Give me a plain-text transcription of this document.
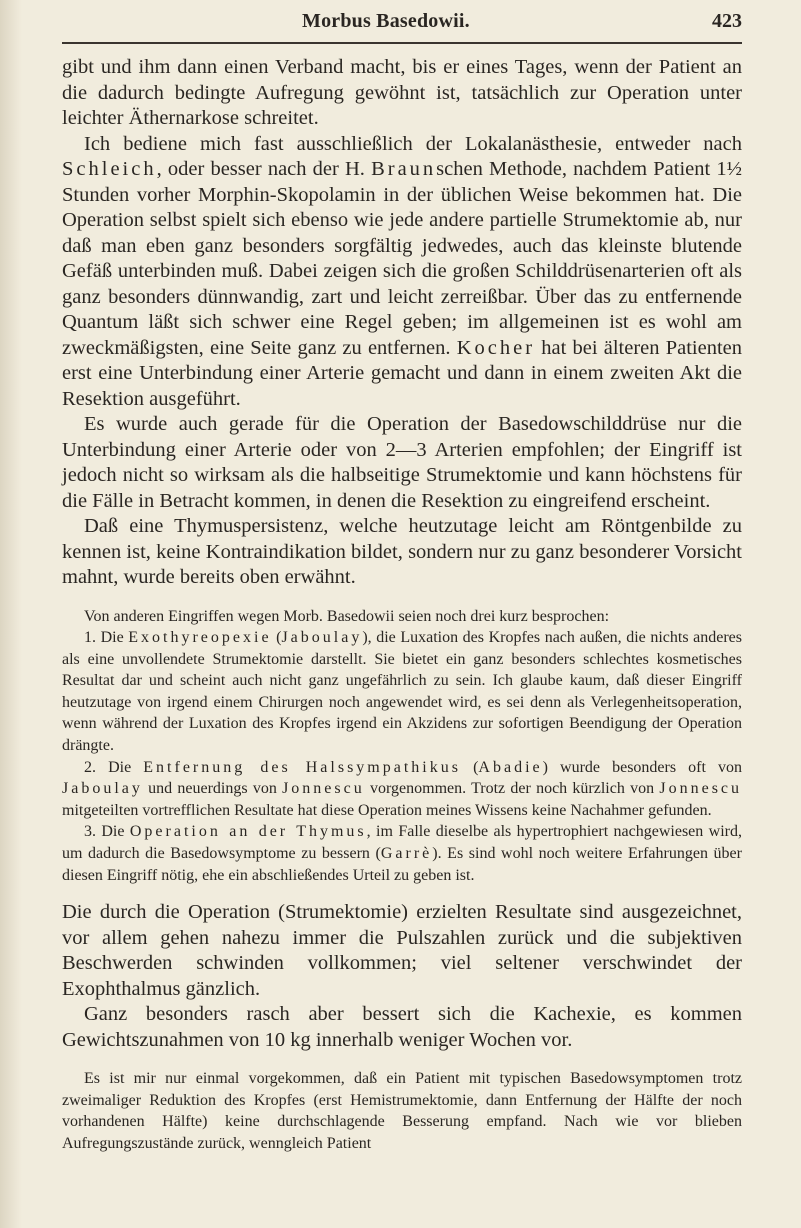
Morbus Basedowii.	423

gibt und ihm dann einen Verband macht, bis er eines Tages, wenn der Patient an die dadurch bedingte Aufregung gewöhnt ist, tatsächlich zur Operation unter leichter Äthernarkose schreitet.

Ich bediene mich fast ausschließlich der Lokalanästhesie, entweder nach Schleich, oder besser nach der H. Braunschen Methode, nachdem Patient 1½ Stunden vorher Morphin-Skopolamin in der üblichen Weise bekommen hat. Die Operation selbst spielt sich ebenso wie jede andere partielle Strumektomie ab, nur daß man eben ganz besonders sorgfältig jedwedes, auch das kleinste blutende Gefäß unterbinden muß. Dabei zeigen sich die großen Schilddrüsenarterien oft als ganz besonders dünnwandig, zart und leicht zerreißbar. Über das zu entfernende Quantum läßt sich schwer eine Regel geben; im allgemeinen ist es wohl am zweckmäßigsten, eine Seite ganz zu entfernen. Kocher hat bei älteren Patienten erst eine Unterbindung einer Arterie gemacht und dann in einem zweiten Akt die Resektion ausgeführt.

Es wurde auch gerade für die Operation der Basedowschilddrüse nur die Unterbindung einer Arterie oder von 2—3 Arterien empfohlen; der Eingriff ist jedoch nicht so wirksam als die halbseitige Strumektomie und kann höchstens für die Fälle in Betracht kommen, in denen die Resektion zu eingreifend erscheint.

Daß eine Thymuspersistenz, welche heutzutage leicht am Röntgenbilde zu kennen ist, keine Kontraindikation bildet, sondern nur zu ganz besonderer Vorsicht mahnt, wurde bereits oben erwähnt.

Von anderen Eingriffen wegen Morb. Basedowii seien noch drei kurz besprochen:

1. Die Exothyreopexie (Jaboulay), die Luxation des Kropfes nach außen, die nichts anderes als eine unvollendete Strumektomie darstellt. Sie bietet ein ganz besonders schlechtes kosmetisches Resultat dar und scheint auch nicht ganz ungefährlich zu sein. Ich glaube kaum, daß dieser Eingriff heutzutage von irgend einem Chirurgen noch angewendet wird, es sei denn als Verlegenheitsoperation, wenn während der Luxation des Kropfes irgend ein Akzidens zur sofortigen Beendigung der Operation drängte.

2. Die Entfernung des Halssympathikus (Abadie) wurde besonders oft von Jaboulay und neuerdings von Jonnescu vorgenommen. Trotz der noch kürzlich von Jonnescu mitgeteilten vortrefflichen Resultate hat diese Operation meines Wissens keine Nachahmer gefunden.

3. Die Operation an der Thymus, im Falle dieselbe als hypertrophiert nachgewiesen wird, um dadurch die Basedowsymptome zu bessern (Garrè). Es sind wohl noch weitere Erfahrungen über diesen Eingriff nötig, ehe ein abschließendes Urteil zu geben ist.

Die durch die Operation (Strumektomie) erzielten Resultate sind ausgezeichnet, vor allem gehen nahezu immer die Pulszahlen zurück und die subjektiven Beschwerden schwinden vollkommen; viel seltener verschwindet der Exophthalmus gänzlich.

Ganz besonders rasch aber bessert sich die Kachexie, es kommen Gewichtszunahmen von 10 kg innerhalb weniger Wochen vor.

Es ist mir nur einmal vorgekommen, daß ein Patient mit typischen Basedowsymptomen trotz zweimaliger Reduktion des Kropfes (erst Hemistrumektomie, dann Entfernung der Hälfte der noch vorhandenen Hälfte) keine durchschlagende Besserung empfand. Nach wie vor blieben Aufregungszustände zurück, wenngleich Patient
